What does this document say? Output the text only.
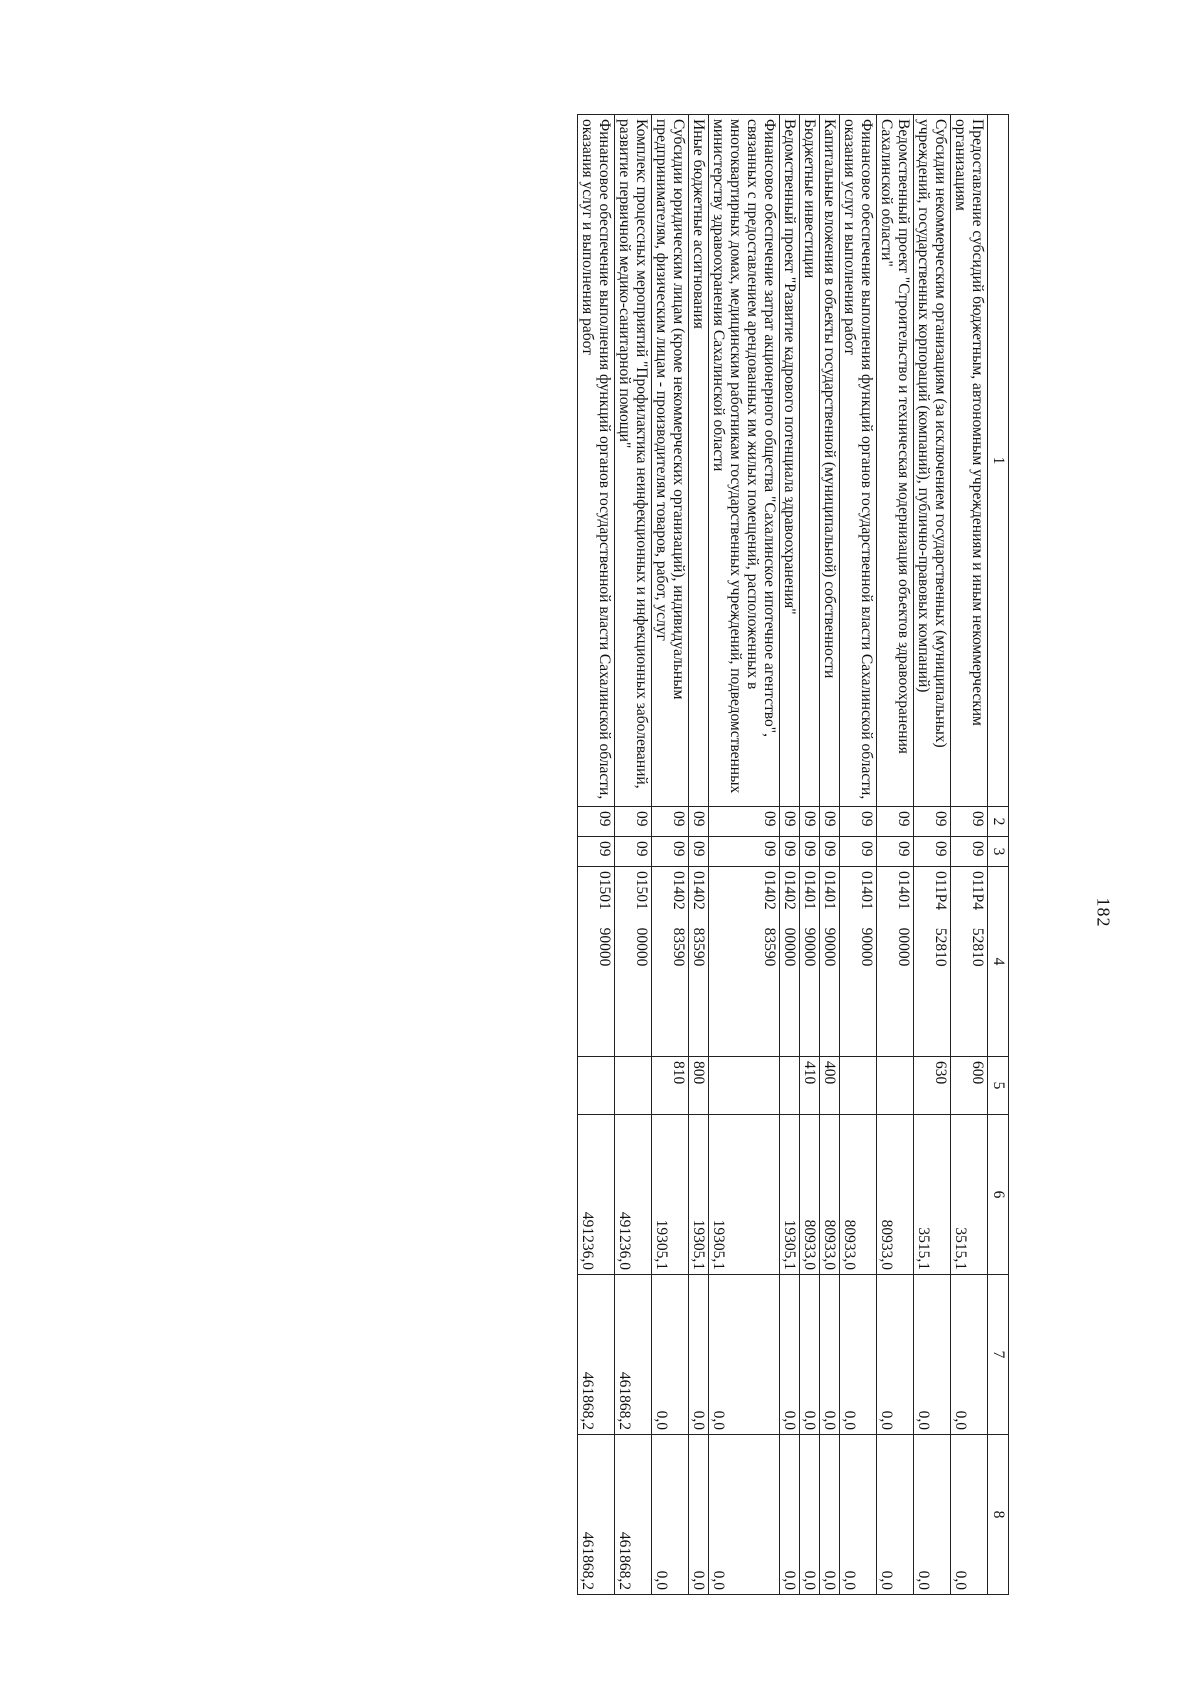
182
1	2	3	4	5	6	7	8
Предоставление субсидий бюджетным, автономным учреждениям и иным некоммерческим организациям	09	09	011Р4 52810	600	3515,1	0,0	0,0
Субсидии некоммерческим организациям (за исключением государственных (муниципальных) учреждений, государственных корпораций (компаний), публично-правовых компаний)	09	09	011Р4 52810	630	3515,1	0,0	0,0
Ведомственный проект "Строительство и техническая модернизация объектов здравоохранения Сахалинской области"	09	09	01401 00000		80933,0	0,0	0,0
Финансовое обеспечение выполнения функций органов государственной власти Сахалинской области, оказания услуг и выполнения работ	09	09	01401 90000		80933,0	0,0	0,0
Капитальные вложения в объекты государственной (муниципальной) собственности	09	09	01401 90000	400	80933,0	0,0	0,0
Бюджетные инвестиции	09	09	01401 90000	410	80933,0	0,0	0,0
Ведомственный проект "Развитие кадрового потенциала здравоохранения"	09	09	01402 00000		19305,1	0,0	0,0
Финансовое обеспечение затрат акционерного общества "Сахалинское ипотечное агентство", связанных с предоставлением арендованных им жилых помещений, расположенных в многоквартирных домах, медицинским работникам государственных учреждений, подведомственных министерству здравоохранения Сахалинской области	09	09	01402 83590		19305,1	0,0	0,0
Иные бюджетные ассигнования	09	09	01402 83590	800	19305,1	0,0	0,0
Субсидии юридическим лицам (кроме некоммерческих организаций), индивидуальным предпринимателям, физическим лицам - производителям товаров, работ, услуг	09	09	01402 83590	810	19305,1	0,0	0,0
Комплекс процессных мероприятий "Профилактика неинфекционных и инфекционных заболеваний, развитие первичной медико-санитарной помощи"	09	09	01501 00000		491236,0	461868,2	461868,2
Финансовое обеспечение выполнения функций органов государственной власти Сахалинской области, оказания услуг и выполнения работ	09	09	01501 90000		491236,0	461868,2	461868,2
